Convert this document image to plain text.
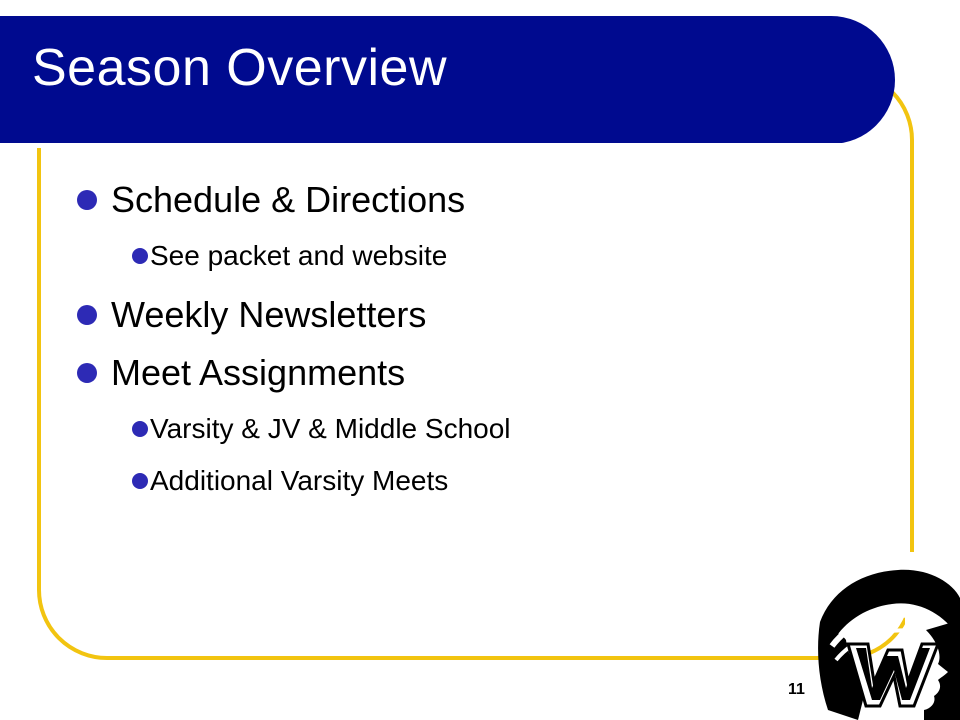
Season Overview
Schedule & Directions
See packet and website
Weekly Newsletters
Meet Assignments
Varsity & JV & Middle School
Additional Varsity Meets
11
